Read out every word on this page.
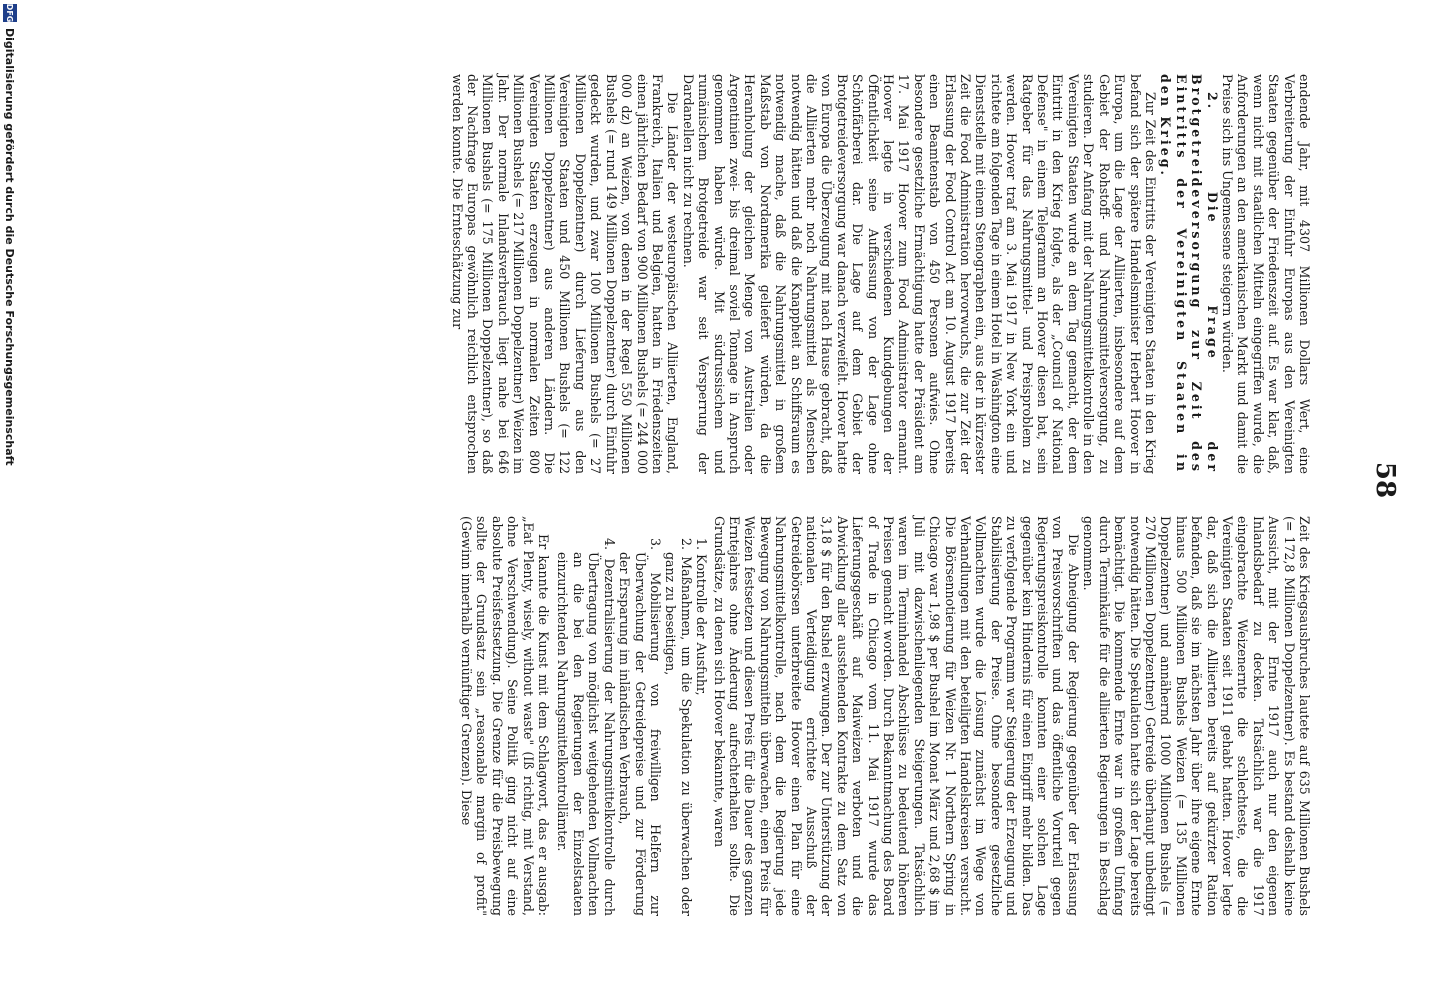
58

endende Jahr, mit 4307 Millionen Dollars Wert, eine Verbreiterung der Einfuhr Europas aus den Vereinigten Staaten gegenüber der Friedenszeit auf. Es war klar, daß, wenn nicht mit staatlichen Mitteln eingegriffen wurde, die Anforderungen an den amerikanischen Markt und damit die Preise sich ins Ungemessene steigern würden.

2. Die Frage der Brotgetreideversorgung zur Zeit des Eintritts der Vereinigten Staaten in den Krieg.

Zur Zeit des Eintritts der Vereinigten Staaten in den Krieg befand sich der spätere Handelsminister Herbert Hoover in Europa, um die Lage der Alliierten, insbesondere auf dem Gebiet der Rohstoff- und Nahrungsmittelversorgung, zu studieren. Der Anfang mit der Nahrungsmittelkontrolle in den Vereinigten Staaten wurde an dem Tag gemacht, der dem Eintritt in den Krieg folgte, als der „Council of National Defense" in einem Telegramm an Hoover diesen bat, sein Ratgeber für das Nahrungsmittel- und Preisproblem zu werden. Hoover traf am 3. Mai 1917 in New York ein und richtete am folgenden Tage in einem Hotel in Washington eine Dienststelle mit einem Stenographen ein, aus der in kürzester Zeit die Food Administration hervorwuchs, die zur Zeit der Erlassung der Food Control Act am 10. August 1917 bereits einen Beamtenstab von 450 Personen aufwies. Ohne besondere gesetzliche Ermächtigung hatte der Präsident am 17. Mai 1917 Hoover zum Food Administrator ernannt. Hoover legte in verschiedenen Kundgebungen der Öffentlichkeit seine Auffassung von der Lage ohne Schönfärberei dar. Die Lage auf dem Gebiet der Brotgetreideversorgung war danach verzweifelt. Hoover hatte von Europa die Überzeugung mit nach Hause gebracht, daß die Alliierten mehr noch Nahrungsmittel als Menschen notwendig hätten und daß die Knappheit an Schiffsraum es notwendig mache, daß die Nahrungsmittel in großem Maßstab von Nordamerika geliefert würden, da die Heranholung der gleichen Menge von Australien oder Argentinien zwei- bis dreimal soviel Tonnage in Anspruch genommen haben würde. Mit südrussischem und rumänischem Brotgetreide war seit Versperrung der Dardanellen nicht zu rechnen.

Die Länder der westeuropäischen Alliierten, England, Frankreich, Italien und Belgien, hatten in Friedenszeiten einen jährlichen Bedarf von 900 Millionen Bushels (= 244 000 000 dz) an Weizen, von denen in der Regel 550 Millionen Bushels (= rund 149 Millionen Doppelzentner) durch Einfuhr gedeckt wurden, und zwar 100 Millionen Bushels (= 27 Millionen Doppelzentner) durch Lieferung aus den Vereinigten Staaten und 450 Millionen Bushels (= 122 Millionen Doppelzentner) aus anderen Ländern. Die Vereinigten Staaten erzeugen in normalen Zeiten 800 Millionen Bushels (= 217 Millionen Doppelzentner) Weizen im Jahr. Der normale Inlandsverbrauch liegt nahe bei 646 Millionen Bushels (= 175 Millionen Doppelzentner), so daß der Nachfrage Europas gewöhnlich reichlich entsprochen werden konnte. Die Ernteschätzung zur

Zeit des Kriegsausbruches lautete auf 635 Millionen Bushels (= 172,8 Millionen Doppelzentner). Es bestand deshalb keine Aussicht, mit der Ernte 1917 auch nur den eigenen Inlandsbedarf zu decken. Tatsächlich war die 1917 eingebrachte Weizenernte die schlechteste, die die Vereinigten Staaten seit 1911 gehabt hatten. Hoover legte dar, daß sich die Alliierten bereits auf gekürzter Ration befanden, daß sie im nächsten Jahr über ihre eigene Ernte hinaus 500 Millionen Bushels Weizen (= 135 Millionen Doppelzentner) und annähernd 1000 Millionen Bushels (= 270 Millionen Doppelzentner) Getreide überhaupt unbedingt notwendig hätten. Die Spekulation hatte sich der Lage bereits bemächtigt. Die kommende Ernte war in großem Umfang durch Terminkäufe für die alliierten Regierungen in Beschlag genommen.

Die Abneigung der Regierung gegenüber der Erlassung von Preisvorschriften und das öffentliche Vorurteil gegen Regierungspreiskontrolle konnten einer solchen Lage gegenüber kein Hindernis für einen Eingriff mehr bilden. Das zu verfolgende Programm war Steigerung der Erzeugung und Stabilisierung der Preise. Ohne besondere gesetzliche Vollmachten wurde die Lösung zunächst im Wege von Verhandlungen mit den beteiligten Handelskreisen versucht. Die Börsennotierung für Weizen Nr. 1 Northern Spring in Chicago war 1,98 $ per Bushel im Monat März und 2,68 $ im Juli mit dazwischenliegenden Steigerungen. Tatsächlich waren im Terminhandel Abschlüsse zu bedeutend höheren Preisen gemacht worden. Durch Bekanntmachung des Board of Trade in Chicago vom 11. Mai 1917 wurde das Lieferungsgeschäft auf Maiweizen verboten und die Abwicklung aller ausstehenden Kontrakte zu dem Satz von 3,18 $ für den Bushel erzwungen. Der zur Unterstützung der nationalen Verteidigung errichtete Ausschuß der Getreidebörsen unterbreitete Hoover einen Plan für eine Nahrungsmittelkontrolle, nach dem die Regierung jede Bewegung von Nahrungsmitteln überwachen, einen Preis für Weizen festsetzen und diesen Preis für die Dauer des ganzen Erntejahres ohne Änderung aufrechterhalten sollte. Die Grundsätze, zu denen sich Hoover bekannte, waren

1. Kontrolle der Ausfuhr,
2. Maßnahmen, um die Spekulation zu überwachen oder ganz zu beseitigen,
3. Mobilisierung von freiwilligen Helfern zur Überwachung der Getreidepreise und zur Förderung der Ersparung im inländischen Verbrauch,
4. Dezentralisierung der Nahrungsmittelkontrolle durch Übertragung von möglichst weitgehenden Vollmachten an die bei den Regierungen der Einzelstaaten einzurichtenden Nahrungsmittelkontrollämter.

Er kannte die Kunst mit dem Schlagwort, das er ausgab: „Eat Plenty, wisely, without waste" (Iß richtig, mit Verstand, ohne Verschwendung). Seine Politik ging nicht auf eine absolute Preisfestsetzung. Die Grenze für die Preisbewegung sollte der Grundsatz sein „reasonable margin of profit" (Gewinn innerhalb vernünftiger Grenzen). Diese

DFG
Digitalisierung gefördert durch die Deutsche Forschungsgemeinschaft
